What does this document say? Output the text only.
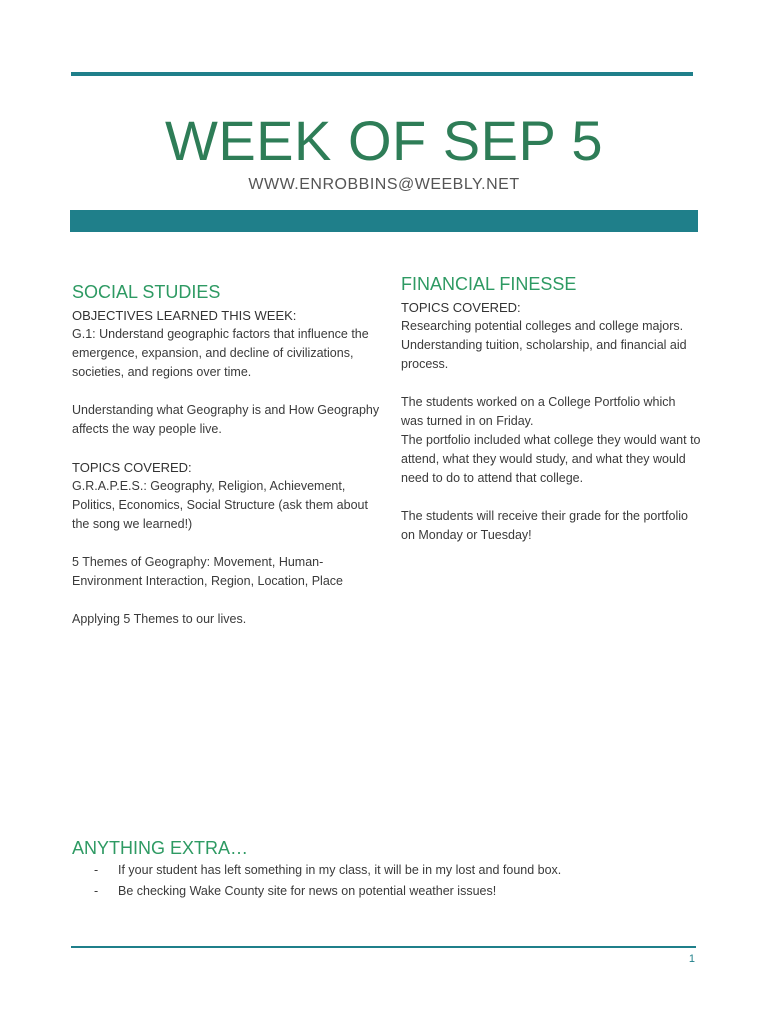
WEEK OF SEP 5
WWW.ENROBBINS@WEEBLY.NET
SOCIAL STUDIES
OBJECTIVES LEARNED THIS WEEK:

G.1: Understand geographic factors that influence the emergence, expansion, and decline of civilizations, societies, and regions over time.

Understanding what Geography is and How Geography affects the way people live.

TOPICS COVERED:

G.R.A.P.E.S.: Geography, Religion, Achievement, Politics, Economics, Social Structure (ask them about the song we learned!)

5 Themes of Geography: Movement, Human-Environment Interaction, Region, Location, Place

Applying 5 Themes to our lives.

FINANCIAL FINESSE
TOPICS COVERED:

Researching potential colleges and college majors. Understanding tuition, scholarship, and financial aid process.

The students worked on a College Portfolio which was turned in on Friday.
The portfolio included what college they would want to attend, what they would study, and what they would need to do to attend that college.

The students will receive their grade for the portfolio on Monday or Tuesday!

ANYTHING EXTRA…
-	If your student has left something in my class, it will be in my lost and found box.
-	Be checking Wake County site for news on potential weather issues!
1
